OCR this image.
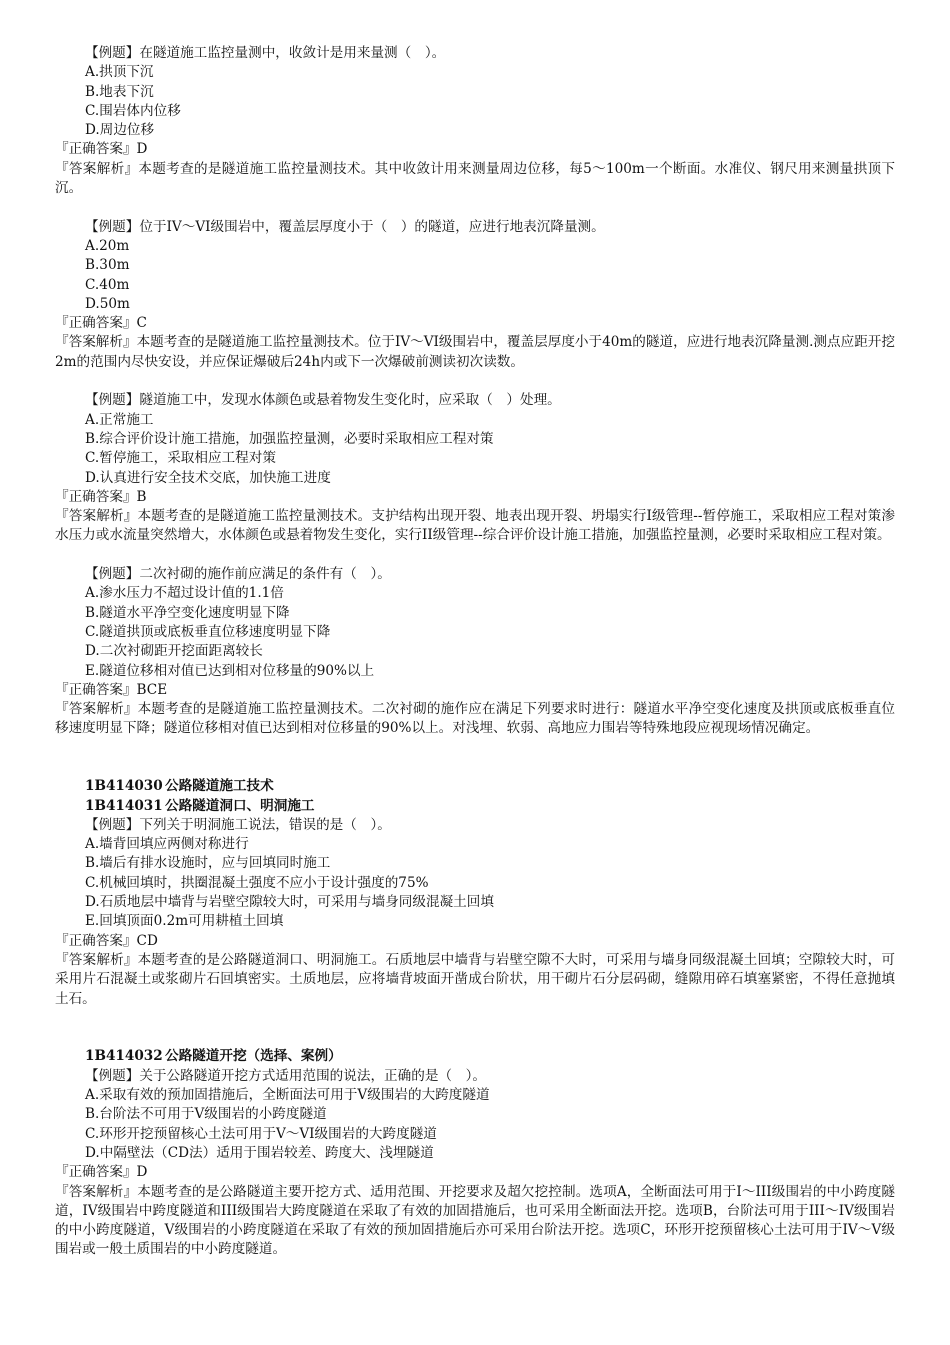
【例题】在隧道施工监控量测中，收敛计是用来量测（　）。
A.拱顶下沉
B.地表下沉
C.围岩体内位移
D.周边位移
『正确答案』D
『答案解析』本题考查的是隧道施工监控量测技术。其中收敛计用来测量周边位移，每5～100m一个断面。水准仪、钢尺用来测量拱顶下沉。
【例题】位于IV～VI级围岩中，覆盖层厚度小于（　）的隧道，应进行地表沉降量测。
A.20m
B.30m
C.40m
D.50m
『正确答案』C
『答案解析』本题考查的是隧道施工监控量测技术。位于IV～VI级围岩中，覆盖层厚度小于40m的隧道，应进行地表沉降量测.测点应距开挖2m的范围内尽快安设，并应保证爆破后24h内或下一次爆破前测读初次读数。
【例题】隧道施工中，发现水体颜色或悬着物发生变化时，应采取（　）处理。
A.正常施工
B.综合评价设计施工措施，加强监控量测，必要时采取相应工程对策
C.暂停施工，采取相应工程对策
D.认真进行安全技术交底，加快施工进度
『正确答案』B
『答案解析』本题考查的是隧道施工监控量测技术。支护结构出现开裂、地表出现开裂、坍塌实行I级管理--暂停施工，采取相应工程对策渗水压力或水流量突然增大，水体颜色或悬着物发生变化，实行II级管理--综合评价设计施工措施，加强监控量测，必要时采取相应工程对策。
【例题】二次衬砌的施作前应满足的条件有（　）。
A.渗水压力不超过设计值的1.1倍
B.隧道水平净空变化速度明显下降
C.隧道拱顶或底板垂直位移速度明显下降
D.二次衬砌距开挖面距离较长
E.隧道位移相对值已达到相对位移量的90%以上
『正确答案』BCE
『答案解析』本题考查的是隧道施工监控量测技术。二次衬砌的施作应在满足下列要求时进行：隧道水平净空变化速度及拱顶或底板垂直位移速度明显下降；隧道位移相对值已达到相对位移量的90%以上。对浅埋、软弱、高地应力围岩等特殊地段应视现场情况确定。
1B414030 公路隧道施工技术
1B414031 公路隧道洞口、明洞施工
【例题】下列关于明洞施工说法，错误的是（　）。
A.墙背回填应两侧对称进行
B.墙后有排水设施时，应与回填同时施工
C.机械回填时，拱圈混凝土强度不应小于设计强度的75%
D.石质地层中墙背与岩壁空隙较大时，可采用与墙身同级混凝土回填
E.回填顶面0.2m可用耕植土回填
『正确答案』CD
『答案解析』本题考查的是公路隧道洞口、明洞施工。石质地层中墙背与岩壁空隙不大时，可采用与墙身同级混凝土回填；空隙较大时，可采用片石混凝土或浆砌片石回填密实。土质地层，应将墙背坡面开凿成台阶状，用干砌片石分层码砌，缝隙用碎石填塞紧密，不得任意抛填土石。
1B414032 公路隧道开挖（选择、案例）
【例题】关于公路隧道开挖方式适用范围的说法，正确的是（　）。
A.采取有效的预加固措施后，全断面法可用于V级围岩的大跨度隧道
B.台阶法不可用于V级围岩的小跨度隧道
C.环形开挖预留核心土法可用于V～VI级围岩的大跨度隧道
D.中隔壁法（CD法）适用于围岩较差、跨度大、浅埋隧道
『正确答案』D
『答案解析』本题考查的是公路隧道主要开挖方式、适用范围、开挖要求及超欠挖控制。选项A，全断面法可用于I～III级围岩的中小跨度隧道，IV级围岩中跨度隧道和III级围岩大跨度隧道在采取了有效的加固措施后，也可采用全断面法开挖。选项B，台阶法可用于III～IV级围岩的中小跨度隧道，V级围岩的小跨度隧道在采取了有效的预加固措施后亦可采用台阶法开挖。选项C，环形开挖预留核心土法可用于IV～V级围岩或一般土质围岩的中小跨度隧道。
